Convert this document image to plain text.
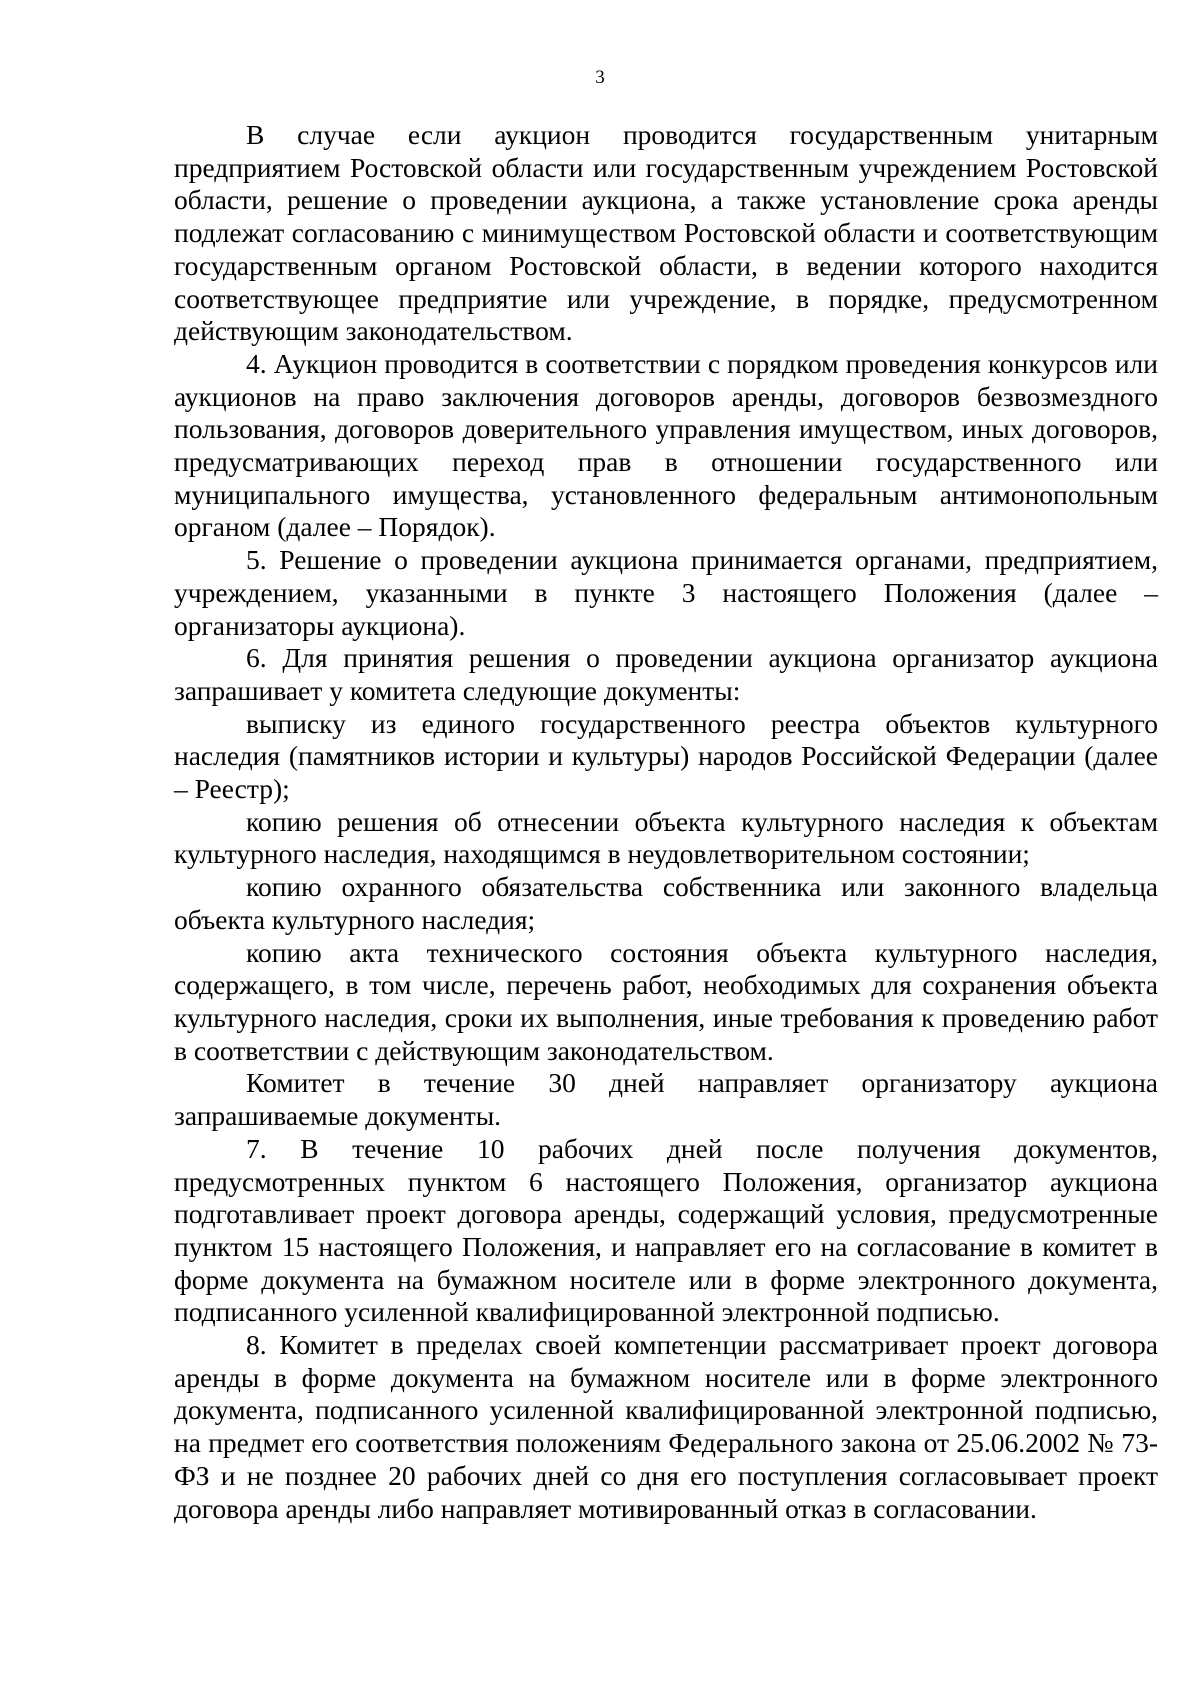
3

В случае если аукцион проводится государственным унитарным предприятием Ростовской области или государственным учреждением Ростовской области, решение о проведении аукциона, а также установление срока аренды подлежат согласованию с минимуществом Ростовской области и соответствующим государственным органом Ростовской области, в ведении которого находится соответствующее предприятие или учреждение, в порядке, предусмотренном действующим законодательством.

4. Аукцион проводится в соответствии с порядком проведения конкурсов или аукционов на право заключения договоров аренды, договоров безвозмездного пользования, договоров доверительного управления имуществом, иных договоров, предусматривающих переход прав в отношении государственного или муниципального имущества, установленного федеральным антимонопольным органом (далее – Порядок).

5. Решение о проведении аукциона принимается органами, предприятием, учреждением, указанными в пункте 3 настоящего Положения (далее – организаторы аукциона).

6. Для принятия решения о проведении аукциона организатор аукциона запрашивает у комитета следующие документы:

выписку из единого государственного реестра объектов культурного наследия (памятников истории и культуры) народов Российской Федерации (далее – Реестр);

копию решения об отнесении объекта культурного наследия к объектам культурного наследия, находящимся в неудовлетворительном состоянии;

копию охранного обязательства собственника или законного владельца объекта культурного наследия;

копию акта технического состояния объекта культурного наследия, содержащего, в том числе, перечень работ, необходимых для сохранения объекта культурного наследия, сроки их выполнения, иные требования к проведению работ в соответствии с действующим законодательством.

Комитет в течение 30 дней направляет организатору аукциона запрашиваемые документы.

7. В течение 10 рабочих дней после получения документов, предусмотренных пунктом 6 настоящего Положения, организатор аукциона подготавливает проект договора аренды, содержащий условия, предусмотренные пунктом 15 настоящего Положения, и направляет его на согласование в комитет в форме документа на бумажном носителе или в форме электронного документа, подписанного усиленной квалифицированной электронной подписью.

8. Комитет в пределах своей компетенции рассматривает проект договора аренды в форме документа на бумажном носителе или в форме электронного документа, подписанного усиленной квалифицированной электронной подписью, на предмет его соответствия положениям Федерального закона от 25.06.2002 № 73-ФЗ и не позднее 20 рабочих дней со дня его поступления согласовывает проект договора аренды либо направляет мотивированный отказ в согласовании.
